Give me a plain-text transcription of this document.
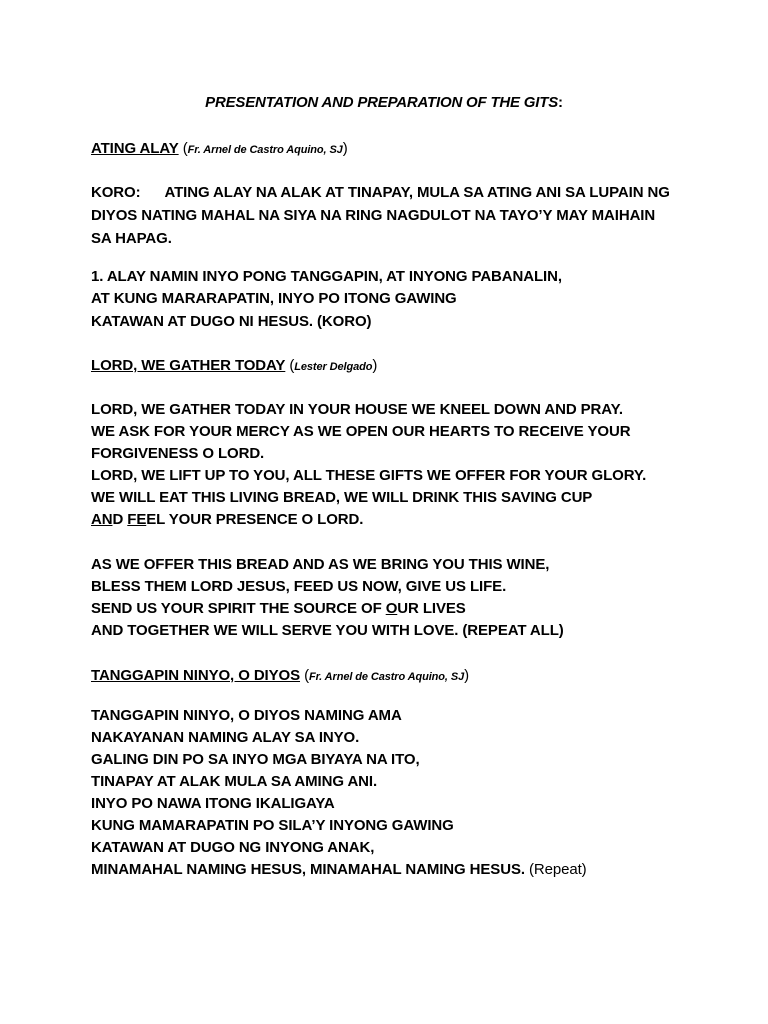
PRESENTATION AND PREPARATION OF THE GITS:
ATING ALAY (Fr. Arnel de Castro Aquino, SJ)
KORO: ATING ALAY NA ALAK AT TINAPAY, MULA SA ATING ANI SA LUPAIN NG
DIYOS NATING MAHAL NA SIYA NA RING NAGDULOT NA TAYO’Y MAY MAIHAIN
SA HAPAG.
1. ALAY NAMIN INYO PONG TANGGAPIN, AT INYONG PABANALIN,
AT KUNG MARARAPATIN, INYO PO ITONG GAWING
KATAWAN AT DUGO NI HESUS. (KORO)
LORD, WE GATHER TODAY (Lester Delgado)
LORD, WE GATHER TODAY IN YOUR HOUSE WE KNEEL DOWN AND PRAY.
WE ASK FOR YOUR MERCY AS WE OPEN OUR HEARTS TO RECEIVE YOUR
FORGIVENESS O LORD.
LORD, WE LIFT UP TO YOU, ALL THESE GIFTS WE OFFER FOR YOUR GLORY.
WE WILL EAT THIS LIVING BREAD, WE WILL DRINK THIS SAVING CUP
AND FEEL YOUR PRESENCE O LORD.
AS WE OFFER THIS BREAD AND AS WE BRING YOU THIS WINE,
BLESS THEM LORD JESUS, FEED US NOW, GIVE US LIFE.
SEND US YOUR SPIRIT THE SOURCE OF OUR LIVES
AND TOGETHER WE WILL SERVE YOU WITH LOVE. (REPEAT ALL)
TANGGAPIN NINYO, O DIYOS (Fr. Arnel de Castro Aquino, SJ)
TANGGAPIN NINYO, O DIYOS NAMING AMA
NAKAYANAN NAMING ALAY SA INYO.
GALING DIN PO SA INYO MGA BIYAYA NA ITO,
TINAPAY AT ALAK MULA SA AMING ANI.
INYO PO NAWA ITONG IKALIGAYA
KUNG MAMARAPATIN PO SILA’Y INYONG GAWING
KATAWAN AT DUGO NG INYONG ANAK,
MINAMAHAL NAMING HESUS, MINAMAHAL NAMING HESUS. (Repeat)
